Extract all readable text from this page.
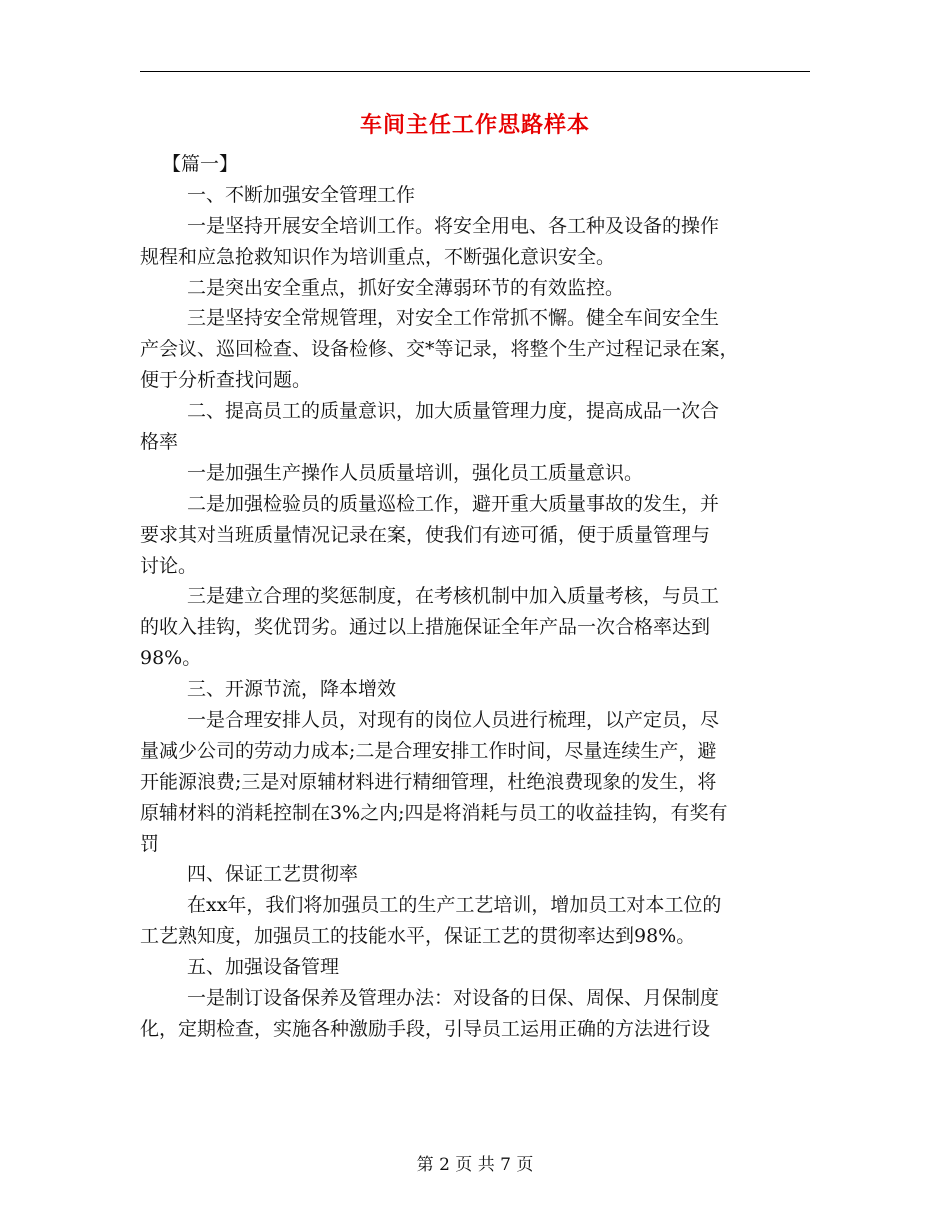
车间主任工作思路样本
【篇一】
一、不断加强安全管理工作
一是坚持开展安全培训工作。将安全用电、各工种及设备的操作
规程和应急抢救知识作为培训重点，不断强化意识安全。
二是突出安全重点，抓好安全薄弱环节的有效监控。
三是坚持安全常规管理，对安全工作常抓不懈。健全车间安全生
产会议、巡回检查、设备检修、交*等记录，将整个生产过程记录在案，
便于分析查找问题。
二、提高员工的质量意识，加大质量管理力度，提高成品一次合
格率
一是加强生产操作人员质量培训，强化员工质量意识。
二是加强检验员的质量巡检工作，避开重大质量事故的发生，并
要求其对当班质量情况记录在案，使我们有迹可循，便于质量管理与
讨论。
三是建立合理的奖惩制度，在考核机制中加入质量考核，与员工
的收入挂钩，奖优罚劣。通过以上措施保证全年产品一次合格率达到
98%。
三、开源节流，降本增效
一是合理安排人员，对现有的岗位人员进行梳理，以产定员，尽
量减少公司的劳动力成本;二是合理安排工作时间，尽量连续生产，避
开能源浪费;三是对原辅材料进行精细管理，杜绝浪费现象的发生，将
原辅材料的消耗控制在3%之内;四是将消耗与员工的收益挂钩，有奖有
罚
四、保证工艺贯彻率
在xx年，我们将加强员工的生产工艺培训，增加员工对本工位的
工艺熟知度，加强员工的技能水平，保证工艺的贯彻率达到98%。
五、加强设备管理
一是制订设备保养及管理办法：对设备的日保、周保、月保制度
化，定期检查，实施各种激励手段，引导员工运用正确的方法进行设
第 2 页 共 7 页
